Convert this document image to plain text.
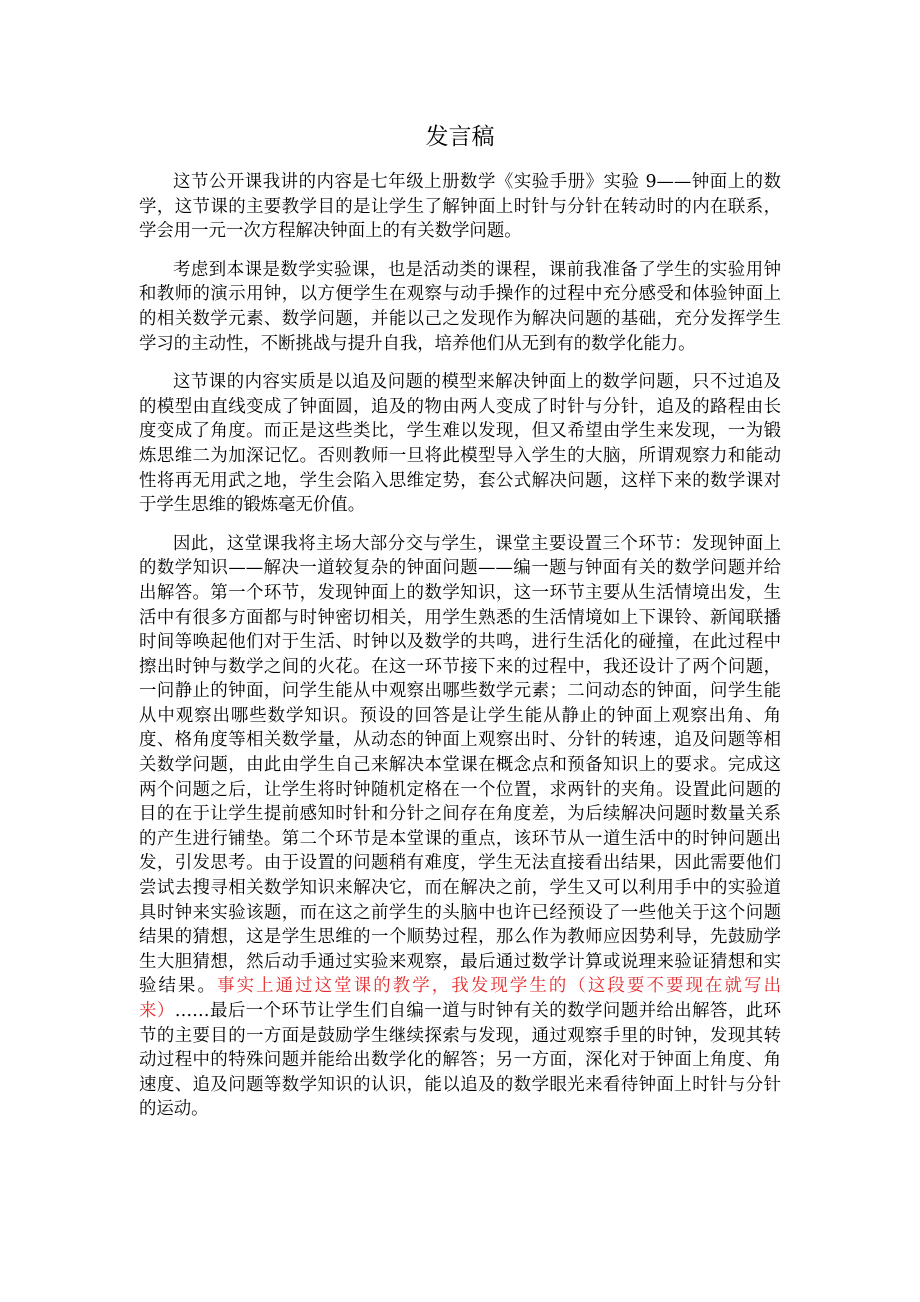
发言稿

这节公开课我讲的内容是七年级上册数学《实验手册》实验 9——钟面上的数学，这节课的主要教学目的是让学生了解钟面上时针与分针在转动时的内在联系，学会用一元一次方程解决钟面上的有关数学问题。

考虑到本课是数学实验课，也是活动类的课程，课前我准备了学生的实验用钟和教师的演示用钟，以方便学生在观察与动手操作的过程中充分感受和体验钟面上的相关数学元素、数学问题，并能以己之发现作为解决问题的基础，充分发挥学生学习的主动性，不断挑战与提升自我，培养他们从无到有的数学化能力。

这节课的内容实质是以追及问题的模型来解决钟面上的数学问题，只不过追及的模型由直线变成了钟面圆，追及的物由两人变成了时针与分针，追及的路程由长度变成了角度。而正是这些类比，学生难以发现，但又希望由学生来发现，一为锻炼思维二为加深记忆。否则教师一旦将此模型导入学生的大脑，所谓观察力和能动性将再无用武之地，学生会陷入思维定势，套公式解决问题，这样下来的数学课对于学生思维的锻炼毫无价值。

因此，这堂课我将主场大部分交与学生，课堂主要设置三个环节：发现钟面上的数学知识——解决一道较复杂的钟面问题——编一题与钟面有关的数学问题并给出解答。第一个环节，发现钟面上的数学知识，这一环节主要从生活情境出发，生活中有很多方面都与时钟密切相关，用学生熟悉的生活情境如上下课铃、新闻联播时间等唤起他们对于生活、时钟以及数学的共鸣，进行生活化的碰撞，在此过程中擦出时钟与数学之间的火花。在这一环节接下来的过程中，我还设计了两个问题，一问静止的钟面，问学生能从中观察出哪些数学元素；二问动态的钟面，问学生能从中观察出哪些数学知识。预设的回答是让学生能从静止的钟面上观察出角、角度、格角度等相关数学量，从动态的钟面上观察出时、分针的转速，追及问题等相关数学问题，由此由学生自己来解决本堂课在概念点和预备知识上的要求。完成这两个问题之后，让学生将时钟随机定格在一个位置，求两针的夹角。设置此问题的目的在于让学生提前感知时针和分针之间存在角度差，为后续解决问题时数量关系的产生进行铺垫。第二个环节是本堂课的重点，该环节从一道生活中的时钟问题出发，引发思考。由于设置的问题稍有难度，学生无法直接看出结果，因此需要他们尝试去搜寻相关数学知识来解决它，而在解决之前，学生又可以利用手中的实验道具时钟来实验该题，而在这之前学生的头脑中也许已经预设了一些他关于这个问题结果的猜想，这是学生思维的一个顺势过程，那么作为教师应因势利导，先鼓励学生大胆猜想，然后动手通过实验来观察，最后通过数学计算或说理来验证猜想和实验结果。事实上通过这堂课的教学，我发现学生的（这段要不要现在就写出来）……最后一个环节让学生们自编一道与时钟有关的数学问题并给出解答，此环节的主要目的一方面是鼓励学生继续探索与发现，通过观察手里的时钟，发现其转动过程中的特殊问题并能给出数学化的解答；另一方面，深化对于钟面上角度、角速度、追及问题等数学知识的认识，能以追及的数学眼光来看待钟面上时针与分针的运动。
